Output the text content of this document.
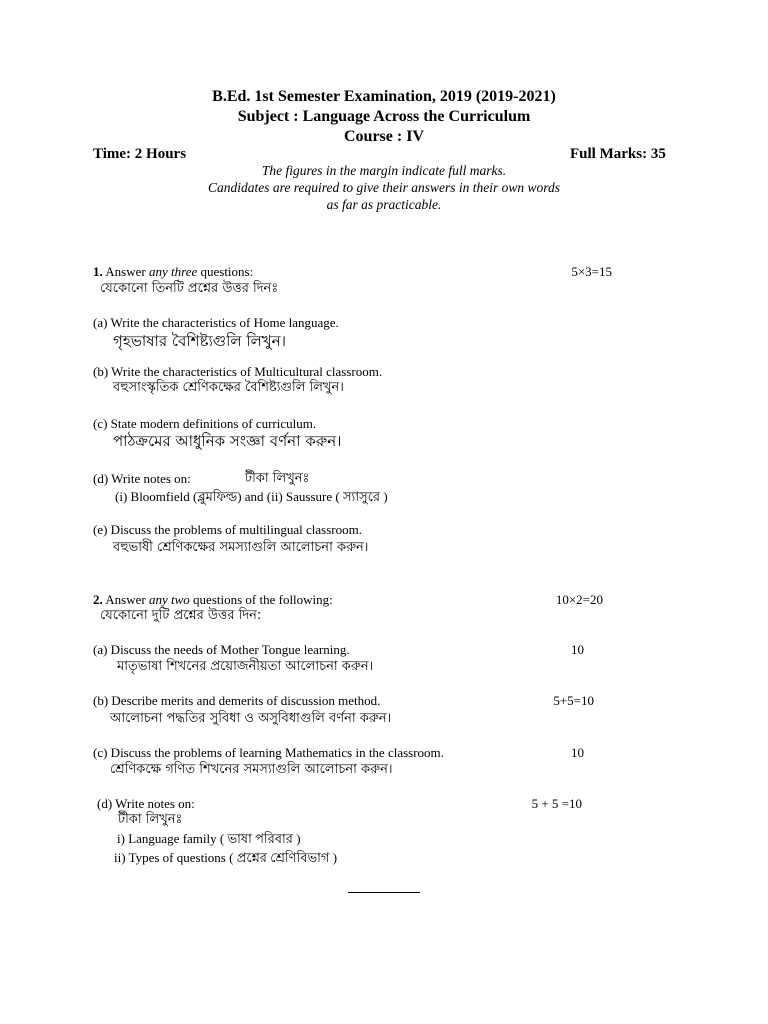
B.Ed. 1st Semester Examination, 2019 (2019-2021)
Subject : Language Across the Curriculum
Course : IV
Time: 2 Hours	Full Marks: 35
The figures in the margin indicate full marks.
Candidates are required to give their answers in their own words
as far as practicable.
1. Answer any three questions:	5×3=15
যেকোনো তিনটি প্রশ্নের উত্তর দিনঃ
(a) Write the characteristics of Home language.
গৃহভাষার বৈশিষ্ট্যগুলি লিখুন।
(b) Write the characteristics of Multicultural classroom.
বহুসাংস্কৃতিক শ্রেণিকক্ষের বৈশিষ্ট্যগুলি লিখুন।
(c) State modern definitions of curriculum.
পাঠক্রমের আধুনিক সংজ্ঞা বর্ণনা করুন।
(d) Write notes on:	টীকা লিখুনঃ
(i) Bloomfield (ব্লুমফিল্ড) and (ii) Saussure ( স্যাসুরে )
(e) Discuss the problems of multilingual classroom.
বহুভাষী শ্রেণিকক্ষের সমস্যাগুলি আলোচনা করুন।
2. Answer any two questions of the following:	10×2=20
যেকোনো দুটি প্রশ্নের উত্তর দিন:
(a) Discuss the needs of Mother Tongue learning.	10
মাতৃভাষা শিখনের প্রয়োজনীয়তা আলোচনা করুন।
(b) Describe merits and demerits of discussion method.	5+5=10
আলোচনা পদ্ধতির সুবিধা ও অসুবিধাগুলি বর্ণনা করুন।
(c) Discuss the problems of learning Mathematics in the classroom.	10
শ্রেণিকক্ষে গণিত শিখনের সমস্যাগুলি আলোচনা করুন।
(d) Write notes on:	5 + 5 =10
টীকা লিখুনঃ
i) Language family ( ভাষা পরিবার )
ii) Types of questions ( প্রশ্নের শ্রেণিবিভাগ )
